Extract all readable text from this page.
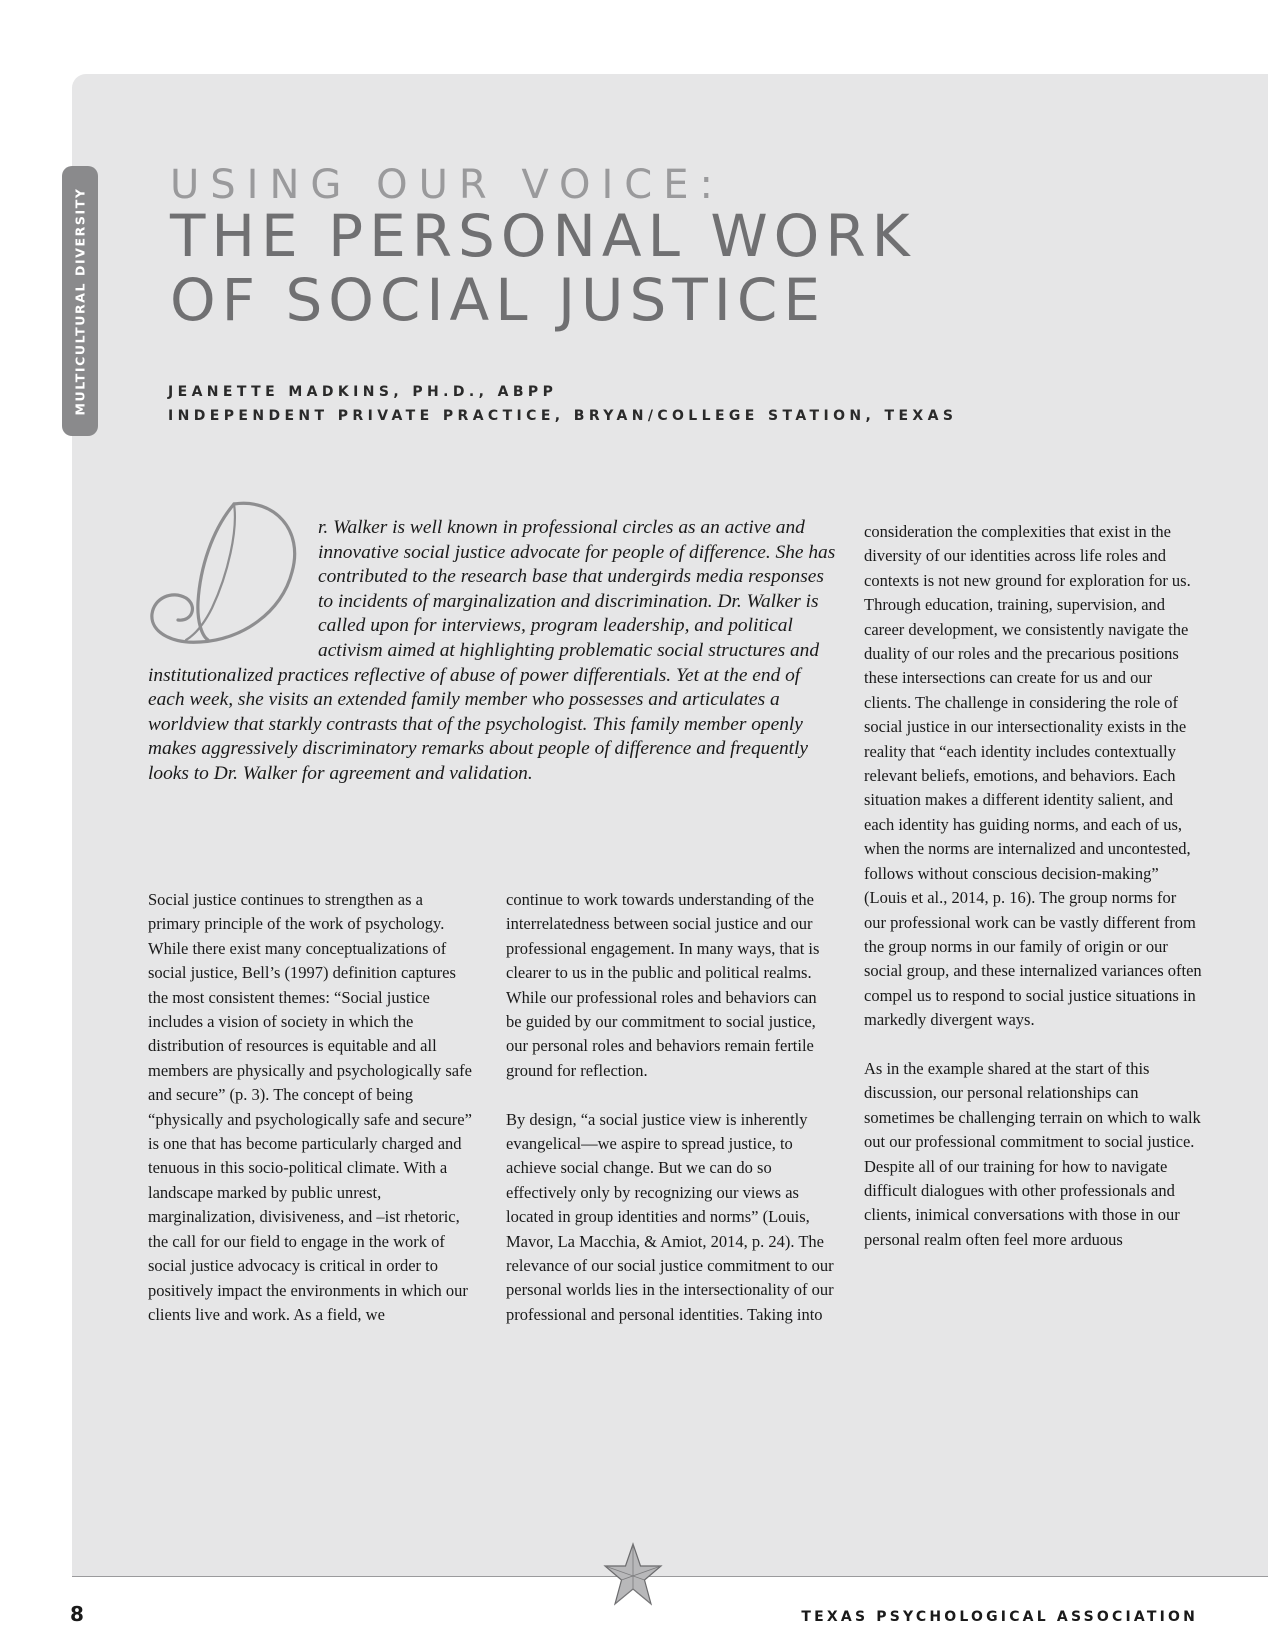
MULTICULTURAL DIVERSITY
USING OUR VOICE:
THE PERSONAL WORK
OF SOCIAL JUSTICE
JEANETTE MADKINS, PH.D., ABPP
INDEPENDENT PRIVATE PRACTICE, BRYAN/COLLEGE STATION, TEXAS
r. Walker is well known in professional circles as an active and innovative social justice advocate for people of difference. She has contributed to the research base that undergirds media responses to incidents of marginalization and discrimination. Dr. Walker is called upon for interviews, program leadership, and political activism aimed at highlighting problematic social structures and institutionalized practices reflective of abuse of power differentials. Yet at the end of each week, she visits an extended family member who possesses and articulates a worldview that starkly contrasts that of the psychologist. This family member openly makes aggressively discriminatory remarks about people of difference and frequently looks to Dr. Walker for agreement and validation.

Social justice continues to strengthen as a primary principle of the work of psychology. While there exist many conceptualizations of social justice, Bell’s (1997) definition captures the most consistent themes: “Social justice includes a vision of society in which the distribution of resources is equitable and all members are physically and psychologically safe and secure” (p. 3). The concept of being “physically and psychologically safe and secure” is one that has become particularly charged and tenuous in this socio-political climate. With a landscape marked by public unrest, marginalization, divisiveness, and –ist rhetoric, the call for our field to engage in the work of social justice advocacy is critical in order to positively impact the environments in which our clients live and work. As a field, we

continue to work towards understanding of the interrelatedness between social justice and our professional engagement. In many ways, that is clearer to us in the public and political realms. While our professional roles and behaviors can be guided by our commitment to social justice, our personal roles and behaviors remain fertile ground for reflection.

By design, “a social justice view is inherently evangelical—we aspire to spread justice, to achieve social change. But we can do so effectively only by recognizing our views as located in group identities and norms” (Louis, Mavor, La Macchia, & Amiot, 2014, p. 24). The relevance of our social justice commitment to our personal worlds lies in the intersectionality of our professional and personal identities. Taking into

consideration the complexities that exist in the diversity of our identities across life roles and contexts is not new ground for exploration for us. Through education, training, supervision, and career development, we consistently navigate the duality of our roles and the precarious positions these intersections can create for us and our clients. The challenge in considering the role of social justice in our intersectionality exists in the reality that “each identity includes contextually relevant beliefs, emotions, and behaviors. Each situation makes a different identity salient, and each identity has guiding norms, and each of us, when the norms are internalized and uncontested, follows without conscious decision-making” (Louis et al., 2014, p. 16). The group norms for our professional work can be vastly different from the group norms in our family of origin or our social group, and these internalized variances often compel us to respond to social justice situations in markedly divergent ways.

As in the example shared at the start of this discussion, our personal relationships can sometimes be challenging terrain on which to walk out our professional commitment to social justice. Despite all of our training for how to navigate difficult dialogues with other professionals and clients, inimical conversations with those in our personal realm often feel more arduous

8	TEXAS PSYCHOLOGICAL ASSOCIATION
